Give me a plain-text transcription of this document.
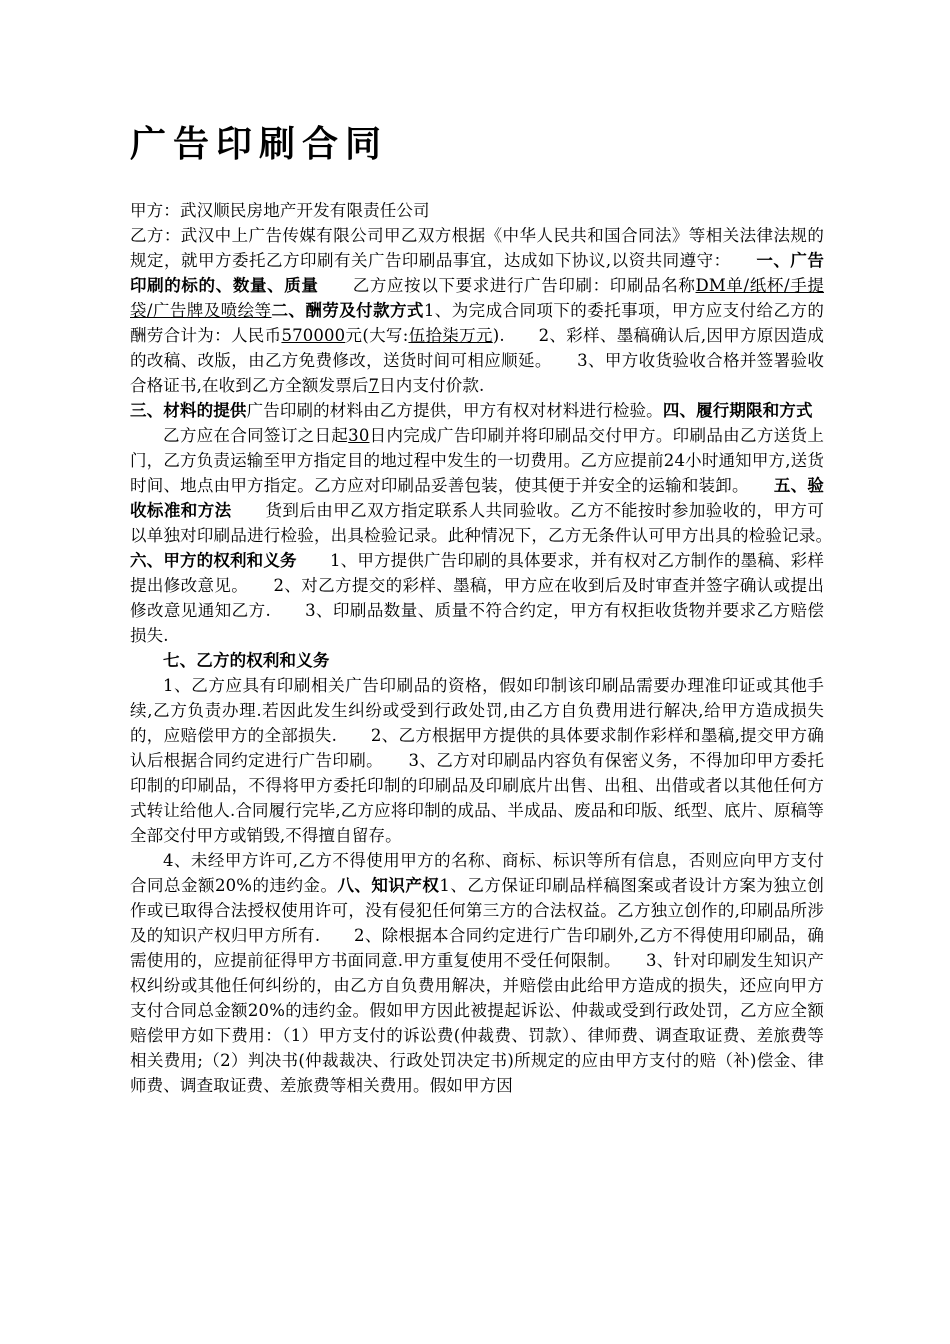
广告印刷合同

甲方：武汉顺民房地产开发有限责任公司

乙方：武汉中上广告传媒有限公司甲乙双方根据《中华人民共和国合同法》等相关法律法规的规定，就甲方委托乙方印刷有关广告印刷品事宜，达成如下协议,以资共同遵守：　　一、广告印刷的标的、数量、质量　　乙方应按以下要求进行广告印刷：印刷品名称DM单/纸杯/手提袋/广告牌及喷绘等二、酬劳及付款方式1、为完成合同项下的委托事项，甲方应支付给乙方的酬劳合计为：人民币570000元(大写:伍拾柒万元).　　2、彩样、墨稿确认后,因甲方原因造成的改稿、改版，由乙方免费修改，送货时间可相应顺延。　　3、甲方收货验收合格并签署验收合格证书,在收到乙方全额发票后7日内支付价款.

三、材料的提供广告印刷的材料由乙方提供，甲方有权对材料进行检验。四、履行期限和方式

乙方应在合同签订之日起30日内完成广告印刷并将印刷品交付甲方。印刷品由乙方送货上门，乙方负责运输至甲方指定目的地过程中发生的一切费用。乙方应提前24小时通知甲方,送货时间、地点由甲方指定。乙方应对印刷品妥善包装，使其便于并安全的运输和装卸。　　五、验收标准和方法　　货到后由甲乙双方指定联系人共同验收。乙方不能按时参加验收的，甲方可以单独对印刷品进行检验，出具检验记录。此种情况下，乙方无条件认可甲方出具的检验记录。　　六、甲方的权利和义务　　1、甲方提供广告印刷的具体要求，并有权对乙方制作的墨稿、彩样提出修改意见。　　2、对乙方提交的彩样、墨稿，甲方应在收到后及时审查并签字确认或提出修改意见通知乙方.　　3、印刷品数量、质量不符合约定，甲方有权拒收货物并要求乙方赔偿损失.

七、乙方的权利和义务

1、乙方应具有印刷相关广告印刷品的资格，假如印制该印刷品需要办理准印证或其他手续,乙方负责办理.若因此发生纠纷或受到行政处罚,由乙方自负费用进行解决,给甲方造成损失的，应赔偿甲方的全部损失.　　2、乙方根据甲方提供的具体要求制作彩样和墨稿,提交甲方确认后根据合同约定进行广告印刷。　　3、乙方对印刷品内容负有保密义务，不得加印甲方委托印制的印刷品，不得将甲方委托印制的印刷品及印刷底片出售、出租、出借或者以其他任何方式转让给他人.合同履行完毕,乙方应将印制的成品、半成品、废品和印版、纸型、底片、原稿等全部交付甲方或销毁,不得擅自留存。

4、未经甲方许可,乙方不得使用甲方的名称、商标、标识等所有信息，否则应向甲方支付合同总金额20%的违约金。八、知识产权1、乙方保证印刷品样稿图案或者设计方案为独立创作或已取得合法授权使用许可，没有侵犯任何第三方的合法权益。乙方独立创作的,印刷品所涉及的知识产权归甲方所有.　　2、除根据本合同约定进行广告印刷外,乙方不得使用印刷品，确需使用的，应提前征得甲方书面同意.甲方重复使用不受任何限制。　　3、针对印刷发生知识产权纠纷或其他任何纠纷的，由乙方自负费用解决，并赔偿由此给甲方造成的损失，还应向甲方支付合同总金额20%的违约金。假如甲方因此被提起诉讼、仲裁或受到行政处罚，乙方应全额赔偿甲方如下费用：（1）甲方支付的诉讼费(仲裁费、罚款）、律师费、调查取证费、差旅费等相关费用;（2）判决书(仲裁裁决、行政处罚决定书)所规定的应由甲方支付的赔（补)偿金、律师费、调查取证费、差旅费等相关费用。假如甲方因
